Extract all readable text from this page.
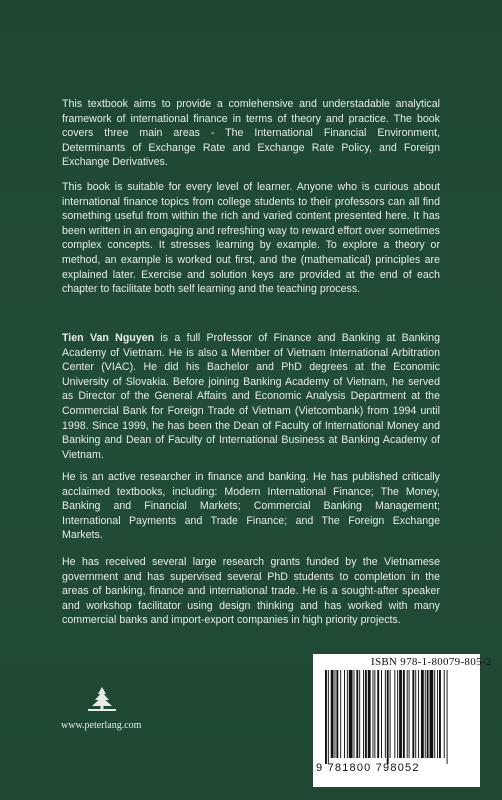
This textbook aims to provide a comlehensive and understadable analytical framework of international finance in terms of theory and practice. The book covers three main areas - The International Financial Environment, Determinants of Exchange Rate and Exchange Rate Policy, and Foreign Exchange Derivatives.

This book is suitable for every level of learner. Anyone who is curious about international finance topics from college students to their professors can all find something useful from within the rich and varied content presented here. It has been written in an engaging and refreshing way to reward effort over sometimes complex concepts. It stresses learning by example. To explore a theory or method, an example is worked out first, and the (mathematical) principles are explained later. Exercise and solution keys are provided at the end of each chapter to facilitate both self learning and the teaching process.

Tien Van Nguyen is a full Professor of Finance and Banking at Banking Academy of Vietnam. He is also a Member of Vietnam International Arbitration Center (VIAC). He did his Bachelor and PhD degrees at the Economic University of Slovakia. Before joining Banking Academy of Vietnam, he served as Director of the General Affairs and Economic Analysis Department at the Commercial Bank for Foreign Trade of Vietnam (Vietcombank) from 1994 until 1998. Since 1999, he has been the Dean of Faculty of International Money and Banking and Dean of Faculty of International Business at Banking Academy of Vietnam.

He is an active researcher in finance and banking. He has published critically acclaimed textbooks, including: Modern International Finance; The Money, Banking and Financial Markets; Commercial Banking Management; International Payments and Trade Finance; and The Foreign Exchange Markets.

He has received several large research grants funded by the Vietnamese government and has supervised several PhD students to completion in the areas of banking, finance and international trade. He is a sought-after speaker and workshop facilitator using design thinking and has worked with many commercial banks and import-export companies in high priority projects.

www.peterlang.com
ISBN 978-1-80079-805-2
9 781800 798052
